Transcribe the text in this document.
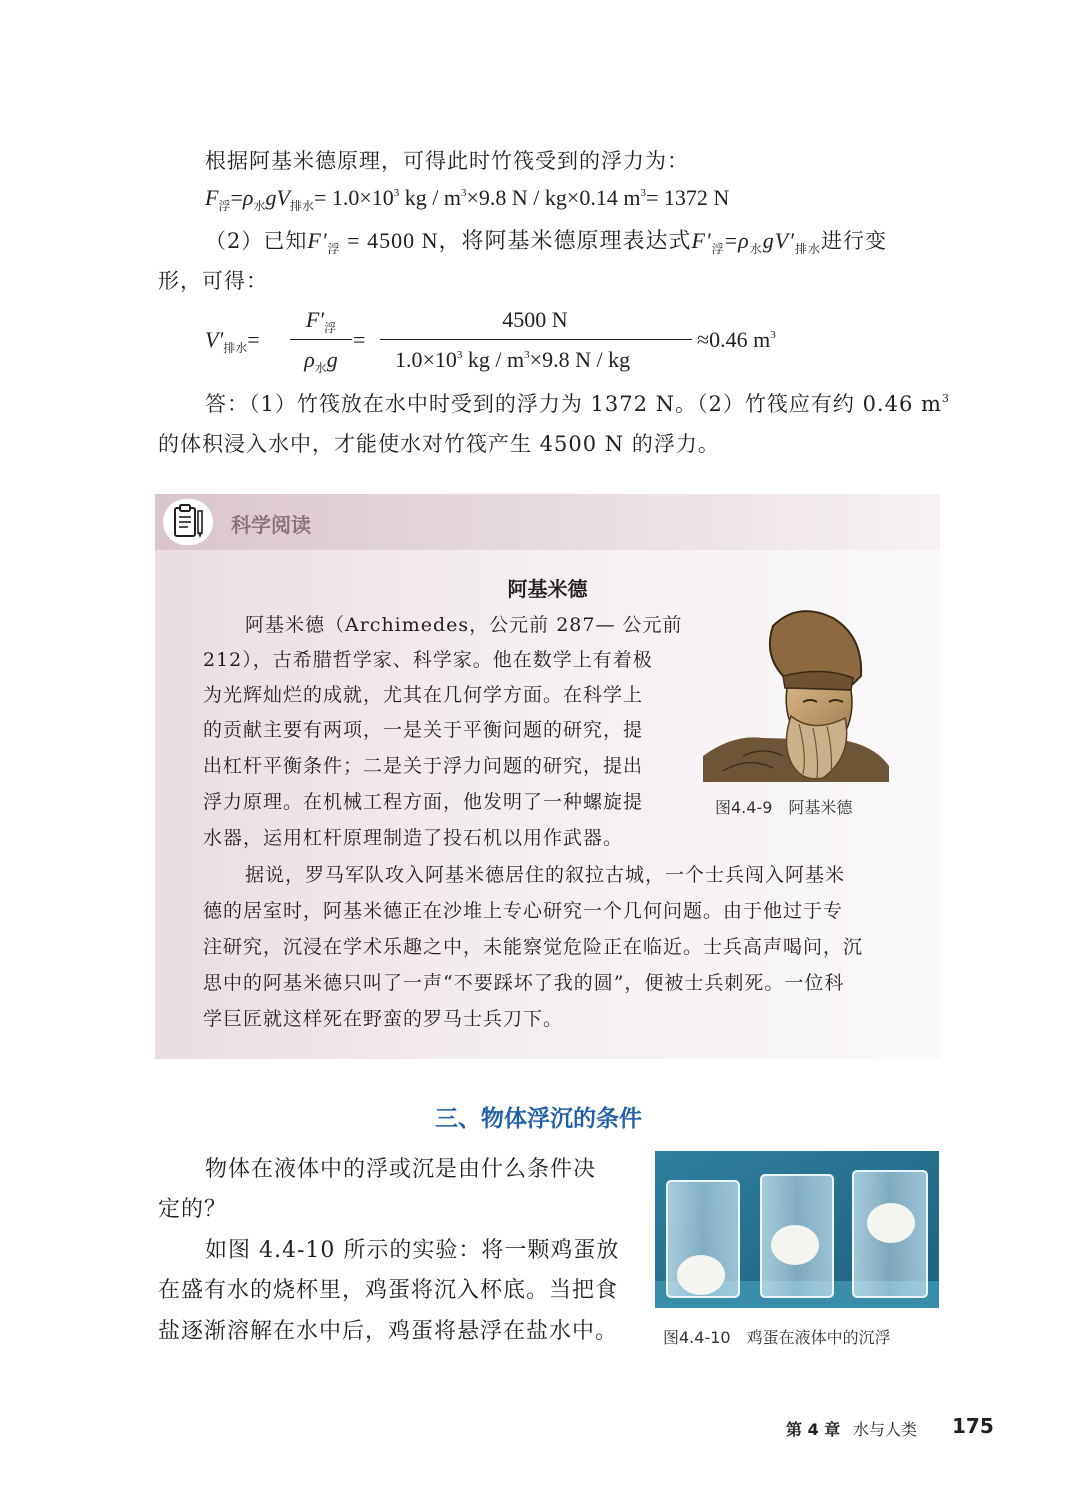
根据阿基米德原理，可得此时竹筏受到的浮力为：
$F_浮=\rho_水gV_{排水}= 1.0\times 10^3$ kg / $m^3\times 9.8$ N / kg×0.14 $m^3= 1372$ N
（2）已知$F'_浮 = 4500$ N，将阿基米德原理表达式$F'_浮=\rho_水gV'_{排水}$进行变
形，可得：
$V'_{排水}=$
$F'_浮$
$\rho_水g$
=
4500 N
$1.0\times 10^3$ kg / $m^3\times 9.8$ N / kg
≈0.46 $m^3$
答：（1）竹筏放在水中时受到的浮力为 1372 N。（2）竹筏应有约 0.46 $m^3$
的体积浸入水中，才能使水对竹筏产生 4500 N 的浮力。
科学阅读
阿基米德
阿基米德（Archimedes，公元前 287— 公元前
212），古希腊哲学家、科学家。他在数学上有着极
为光辉灿烂的成就，尤其在几何学方面。在科学上
的贡献主要有两项，一是关于平衡问题的研究，提
出杠杆平衡条件；二是关于浮力问题的研究，提出
浮力原理。在机械工程方面，他发明了一种螺旋提
水器，运用杠杆原理制造了投石机以用作武器。
图4.4-9　阿基米德
据说，罗马军队攻入阿基米德居住的叙拉古城，一个士兵闯入阿基米
德的居室时，阿基米德正在沙堆上专心研究一个几何问题。由于他过于专
注研究，沉浸在学术乐趣之中，未能察觉危险正在临近。士兵高声喝问，沉
思中的阿基米德只叫了一声“不要踩坏了我的圆”，便被士兵刺死。一位科
学巨匠就这样死在野蛮的罗马士兵刀下。
三、物体浮沉的条件
物体在液体中的浮或沉是由什么条件决
定的？
如图 4.4-10 所示的实验：将一颗鸡蛋放
在盛有水的烧杯里，鸡蛋将沉入杯底。当把食
盐逐渐溶解在水中后，鸡蛋将悬浮在盐水中。	图4.4-10　鸡蛋在液体中的沉浮
第 4 章 水与人类 175
